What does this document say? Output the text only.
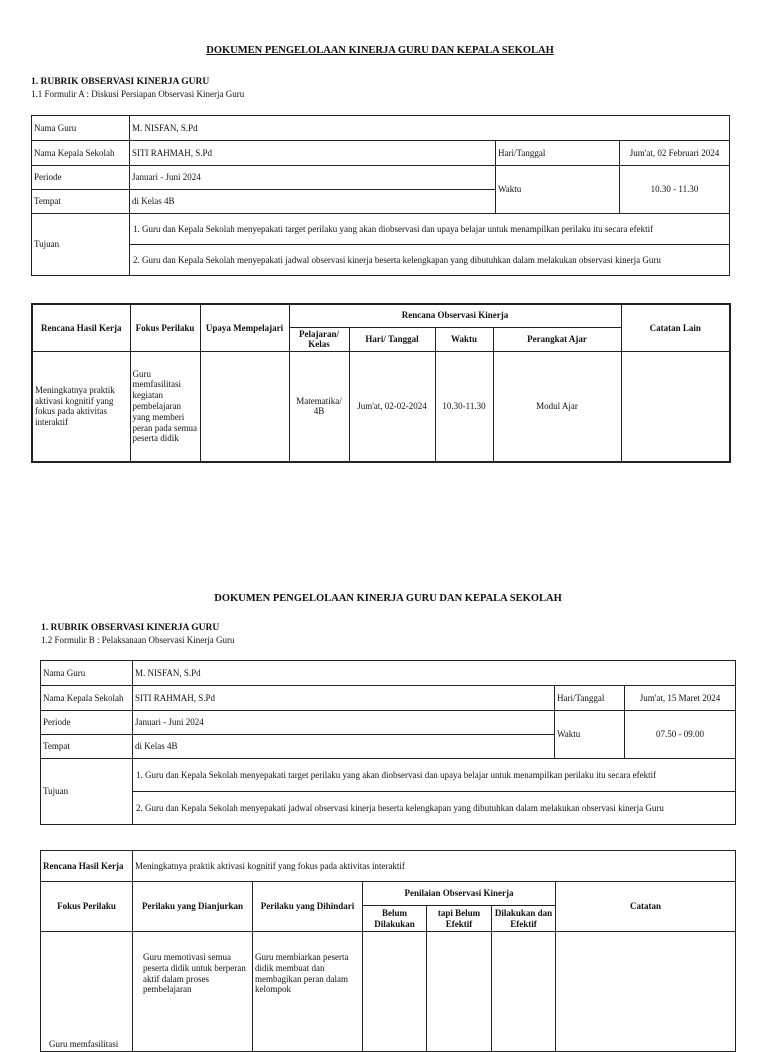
DOKUMEN PENGELOLAAN KINERJA GURU DAN KEPALA SEKOLAH
1. RUBRIK OBSERVASI KINERJA GURU
1.1 Formulir A : Diskusi Persiapan Observasi Kinerja Guru
Nama Guru	M. NISFAN, S.Pd		
Nama Kepala Sekolah	SITI RAHMAH, S.Pd	Hari/Tanggal	Jum'at, 02 Februari 2024
Periode	Januari - Juni 2024	Waktu	10.30 - 11.30
Tempat	di Kelas 4B		
Tujuan	1. Guru dan Kepala Sekolah menyepakati target perilaku yang akan diobservasi dan upaya belajar untuk menampilkan perilaku itu secara efektif		
	2. Guru dan Kepala Sekolah menyepakati jadwal observasi kinerja beserta kelengkapan yang dibutuhkan dalam melakukan observasi kinerja Guru		
Rencana Hasil Kerja	Fokus Perilaku	Upaya Mempelajari	Rencana Observasi Kinerja				Catatan Lain
			Pelajaran/ Kelas	Hari/ Tanggal	Waktu	Perangkat Ajar	
Meningkatnya praktik aktivasi kognitif yang fokus pada aktivitas interaktif	Guru memfasilitasi kegiatan pembelajaran yang memberi peran pada semua peserta didik		Matematika/ 4B	Jum'at, 02-02-2024	10.30-11.30	Modul Ajar	
DOKUMEN PENGELOLAAN KINERJA GURU DAN KEPALA SEKOLAH
1. RUBRIK OBSERVASI KINERJA GURU
1.2 Formulir B : Pelaksanaan Observasi Kinerja Guru
Nama Guru	M. NISFAN, S.Pd		
Nama Kepala Sekolah	SITI RAHMAH, S.Pd	Hari/Tanggal	Jum'at, 15 Maret 2024
Periode	Januari - Juni 2024	Waktu	07.50 - 09.00
Tempat	di Kelas 4B		
Tujuan	1. Guru dan Kepala Sekolah menyepakati target perilaku yang akan diobservasi dan upaya belajar untuk menampilkan perilaku itu secara efektif		
	2. Guru dan Kepala Sekolah menyepakati jadwal observasi kinerja beserta kelengkapan yang dibutuhkan dalam melakukan observasi kinerja Guru		
Rencana Hasil Kerja	Meningkatnya praktik aktivasi kognitif yang fokus pada aktivitas interaktif					
Fokus Perilaku	Perilaku yang Dianjurkan	Perilaku yang Dihindari	Penilaian Observasi Kinerja			Catatan
			Belum Dilakukan	tapi Belum Efektif	Dilakukan dan Efektif	
Guru memfasilitasi	Guru memotivasi semua peserta didik untuk berperan aktif dalam proses pembelajaran	Guru membiarkan peserta didik membuat dan membagikan peran dalam kelompok				
